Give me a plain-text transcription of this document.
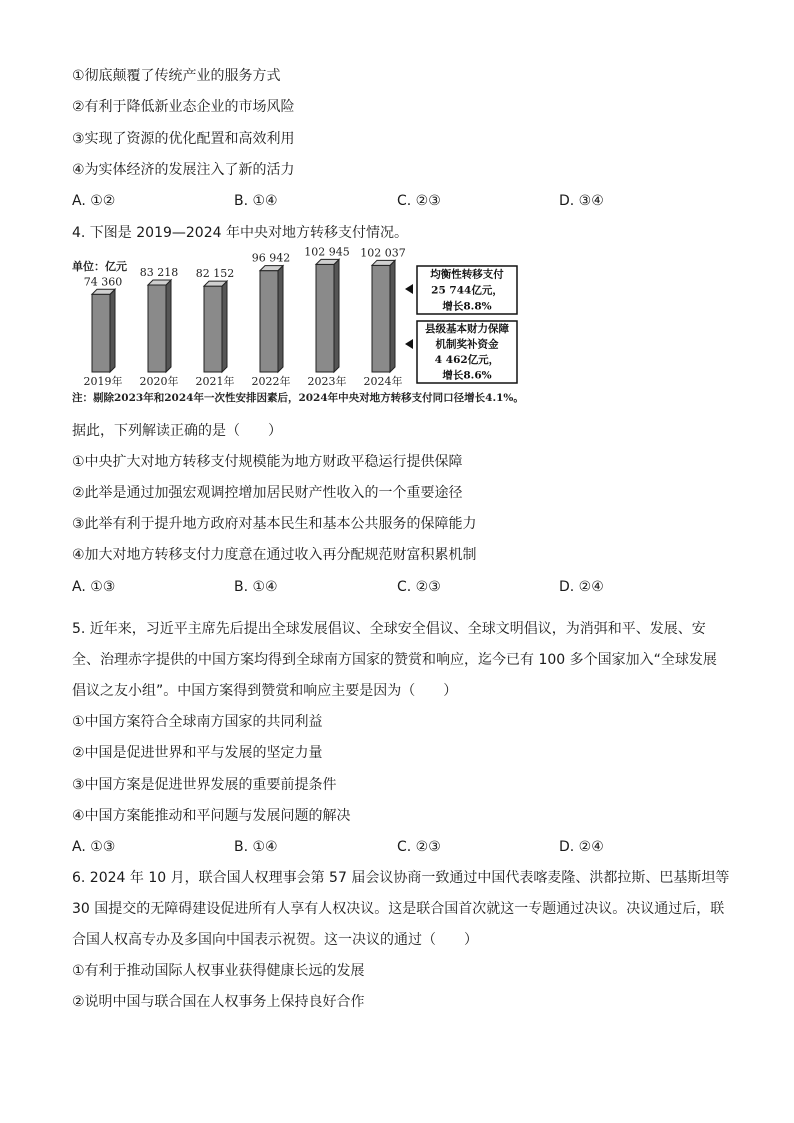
①彻底颠覆了传统产业的服务方式
②有利于降低新业态企业的市场风险
③实现了资源的优化配置和高效利用
④为实体经济的发展注入了新的活力
A. ①②	B. ①④	C. ②③	D. ③④
4. 下图是 2019—2024 年中央对地方转移支付情况。
单位：亿元
74 360
2019年
83 218
2020年
82 152
2021年
96 942
2022年
102 945
2023年
102 037
2024年
均衡性转移支付
25 744亿元，
增长8.8%
县级基本财力保障
机制奖补资金
4 462亿元，
增长8.6%
注：剔除2023年和2024年一次性安排因素后，2024年中央对地方转移支付同口径增长4.1%。
据此，下列解读正确的是（　　）
①中央扩大对地方转移支付规模能为地方财政平稳运行提供保障
②此举是通过加强宏观调控增加居民财产性收入的一个重要途径
③此举有利于提升地方政府对基本民生和基本公共服务的保障能力
④加大对地方转移支付力度意在通过收入再分配规范财富积累机制
A. ①③	B. ①④	C. ②③	D. ②④
5. 近年来，习近平主席先后提出全球发展倡议、全球安全倡议、全球文明倡议，为消弭和平、发展、安
全、治理赤字提供的中国方案均得到全球南方国家的赞赏和响应，迄今已有 100 多个国家加入“全球发展
倡议之友小组”。中国方案得到赞赏和响应主要是因为（　　）
①中国方案符合全球南方国家的共同利益
②中国是促进世界和平与发展的坚定力量
③中国方案是促进世界发展的重要前提条件
④中国方案能推动和平问题与发展问题的解决
A. ①③	B. ①④	C. ②③	D. ②④
6. 2024 年 10 月，联合国人权理事会第 57 届会议协商一致通过中国代表喀麦隆、洪都拉斯、巴基斯坦等
30 国提交的无障碍建设促进所有人享有人权决议。这是联合国首次就这一专题通过决议。决议通过后，联
合国人权高专办及多国向中国表示祝贺。这一决议的通过（　　）
①有利于推动国际人权事业获得健康长远的发展
②说明中国与联合国在人权事务上保持良好合作
